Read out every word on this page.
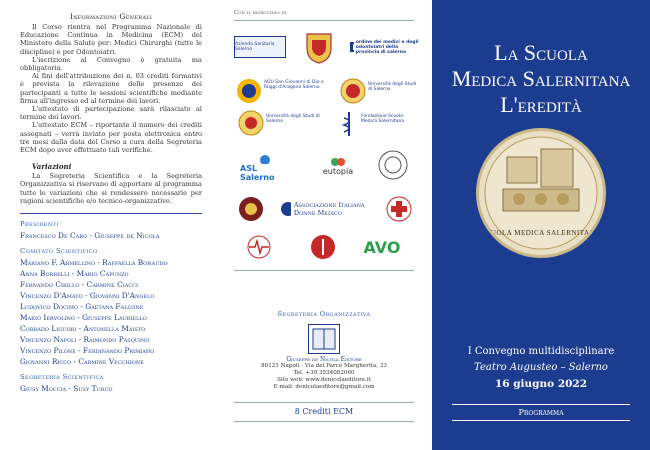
Informazioni Generali

Il Corso rientra nel Programma Nazionale di Educazione Continua in Medicina (ECM) del Ministero della Salute per: Medici Chirurghi (tutte le discipline) e per Odontoiatri.

L'iscrizione al Convegno è gratuita ma obbligatoria.

Ai fini dell'attribuzione dei n. 03 crediti formativi è prevista la rilevazione delle presenze dei partecipanti a tutte le sessioni scientifiche mediante firma all'ingresso ed al termine dei lavori.

L'attestato di partecipazione sarà rilasciato al termine dei lavori.

L'attestato ECM – riportante il numero dei crediti assegnati – verrà inviato per posta elettronica entro tre mesi dalla data del Corso a cura della Segreteria ECM dopo aver effettuato tali verifiche.

Variazioni

La Segreteria Scientifica e la Segreteria Organizzativa si riservano di apportare al programma tutte le variazioni che si rendessero necessarie per ragioni scientifiche e/o tecnico-organizzative.

Presidenti
Francesco De Caro - Giuseppe de Nicola
Comitato Scientifico
Mariano F. Armellino - Raffaella Bonaudo
Anna Borrelli - Mario Capunzo
Fernando Cirillo - Carmine Ciacci
Vincenzo D'Amato - Giovanni D'Angelo
Ludovico Docimo - Gaetana Falcone
Mario Iervolino - Giuseppe Lauriello
Corrado Liguori - Antonella Maisto
Vincenzo Napoli - Raimondo Pasquino
Vincenzo Pilone - Ferdinando Primiano
Giovanni Ricco - Carmine Vecchione
Segreteria Scientifica
Giusy Moccia - Susy Turco
Con il patrocinio di
Azienda Sanitaria Salerno
ordine dei medici e degli odontoiatri della provincia di salerno
AOU San Giovanni di Dio e Ruggi d'Aragona Salerno
Università degli Studi di Salerno
Università degli Studi di Salerno
Fondazione Scuola Medica Salernitana
ASL Salerno
eutopia
Associazione Italiana Donne Medico
AVO
Segreteria Organizzativa
Giuseppe de Nicola Editore
80121 Napoli - Via del Parco Margherita, 33
Tel. +39 3534082060
Sito web: www.denicolaeditore.it
E-mail: denicolaeditore@gmail.com
8 Crediti ECM
La Scuola
Medica Salernitana
L'eredità
SCUOLA MEDICA SALERNITANA
I Convegno multidisciplinare
Teatro Augusteo – Salerno
16 giugno 2022
Programma
